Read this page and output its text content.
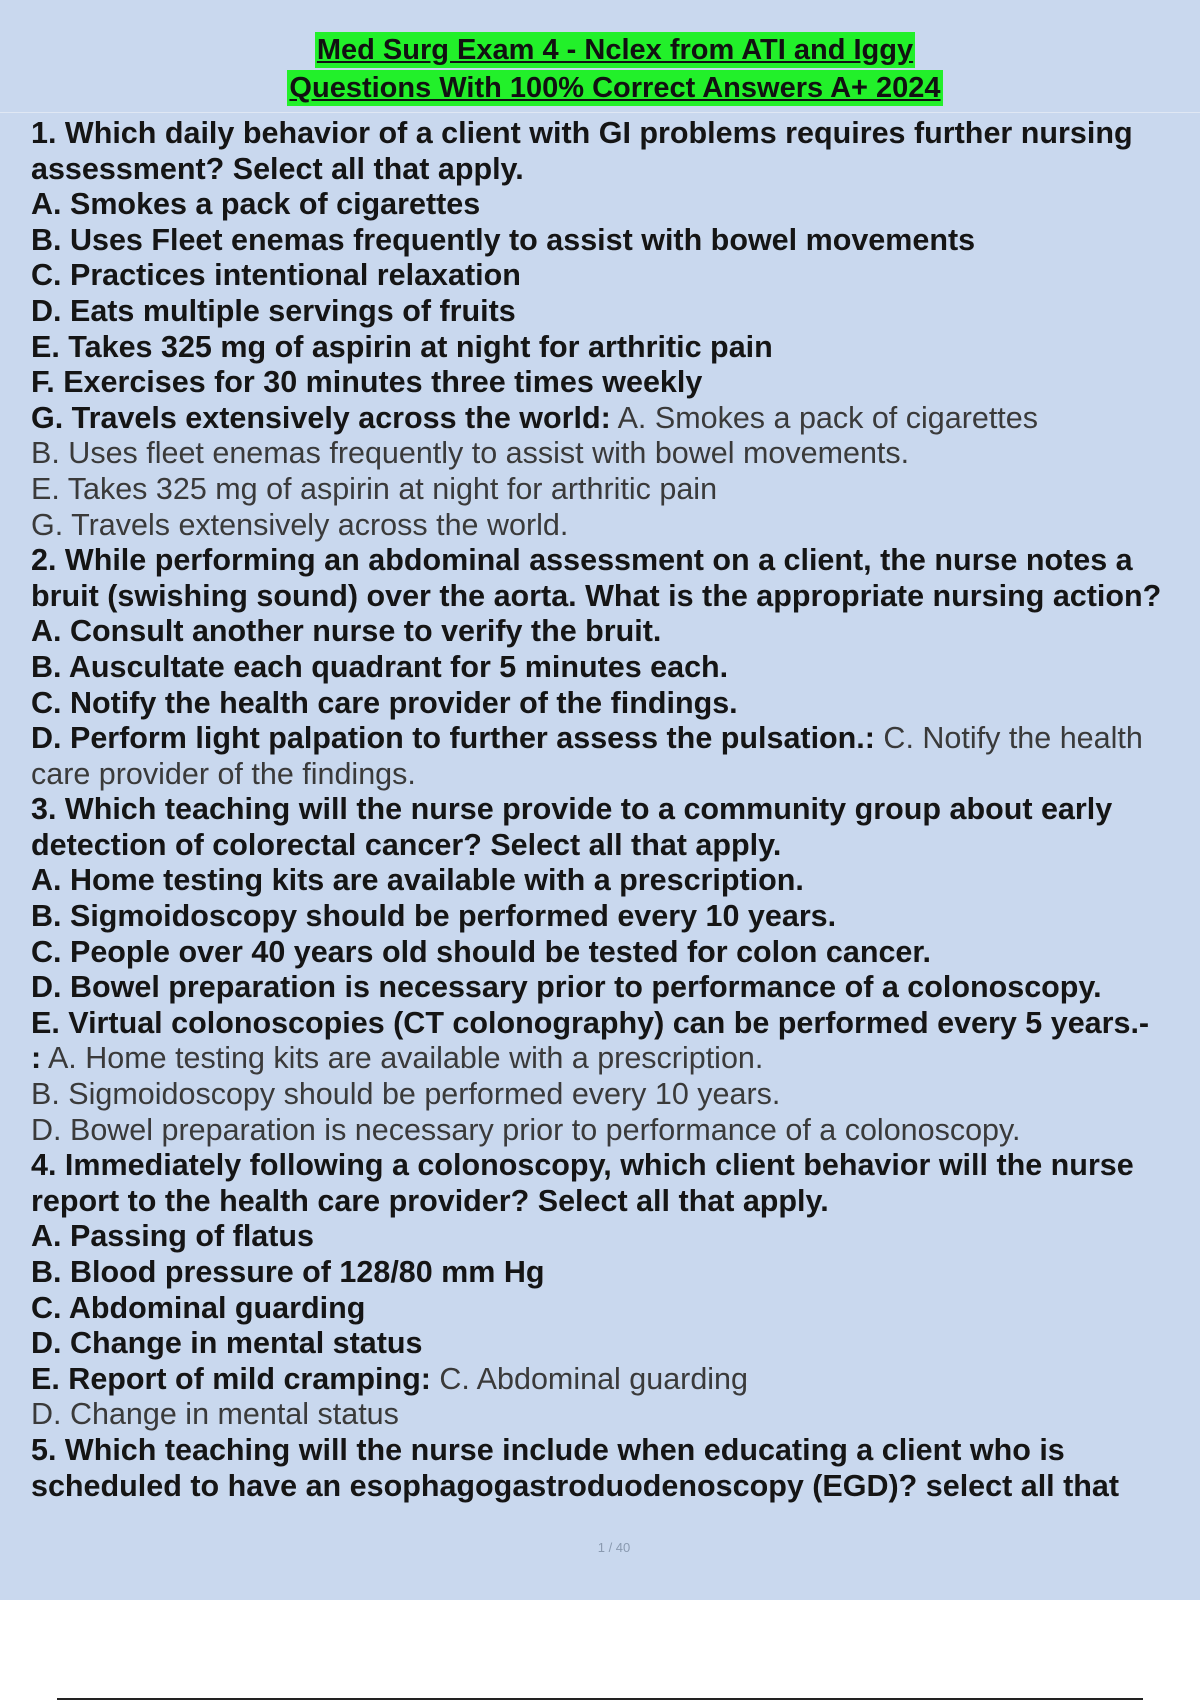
Med Surg Exam 4 - Nclex from ATI and Iggy
Questions With 100% Correct Answers A+ 2024
1. Which daily behavior of a client with GI problems requires further nursing
assessment? Select all that apply.
A. Smokes a pack of cigarettes
B. Uses Fleet enemas frequently to assist with bowel movements
C. Practices intentional relaxation
D. Eats multiple servings of fruits
E. Takes 325 mg of aspirin at night for arthritic pain
F. Exercises for 30 minutes three times weekly
G. Travels extensively across the world: A. Smokes a pack of cigarettes
B. Uses fleet enemas frequently to assist with bowel movements.
E. Takes 325 mg of aspirin at night for arthritic pain
G. Travels extensively across the world.
2. While performing an abdominal assessment on a client, the nurse notes a
bruit (swishing sound) over the aorta. What is the appropriate nursing action?
A. Consult another nurse to verify the bruit.
B. Auscultate each quadrant for 5 minutes each.
C. Notify the health care provider of the findings.
D. Perform light palpation to further assess the pulsation.: C. Notify the health
care provider of the findings.
3. Which teaching will the nurse provide to a community group about early
detection of colorectal cancer? Select all that apply.
A. Home testing kits are available with a prescription.
B. Sigmoidoscopy should be performed every 10 years.
C. People over 40 years old should be tested for colon cancer.
D. Bowel preparation is necessary prior to performance of a colonoscopy.
E. Virtual colonoscopies (CT colonography) can be performed every 5 years.-
: A. Home testing kits are available with a prescription.
B. Sigmoidoscopy should be performed every 10 years.
D. Bowel preparation is necessary prior to performance of a colonoscopy.
4. Immediately following a colonoscopy, which client behavior will the nurse
report to the health care provider? Select all that apply.
A. Passing of flatus
B. Blood pressure of 128/80 mm Hg
C. Abdominal guarding
D. Change in mental status
E. Report of mild cramping: C. Abdominal guarding
D. Change in mental status
5. Which teaching will the nurse include when educating a client who is
scheduled to have an esophagogastroduodenoscopy (EGD)? select all that
1 / 40
